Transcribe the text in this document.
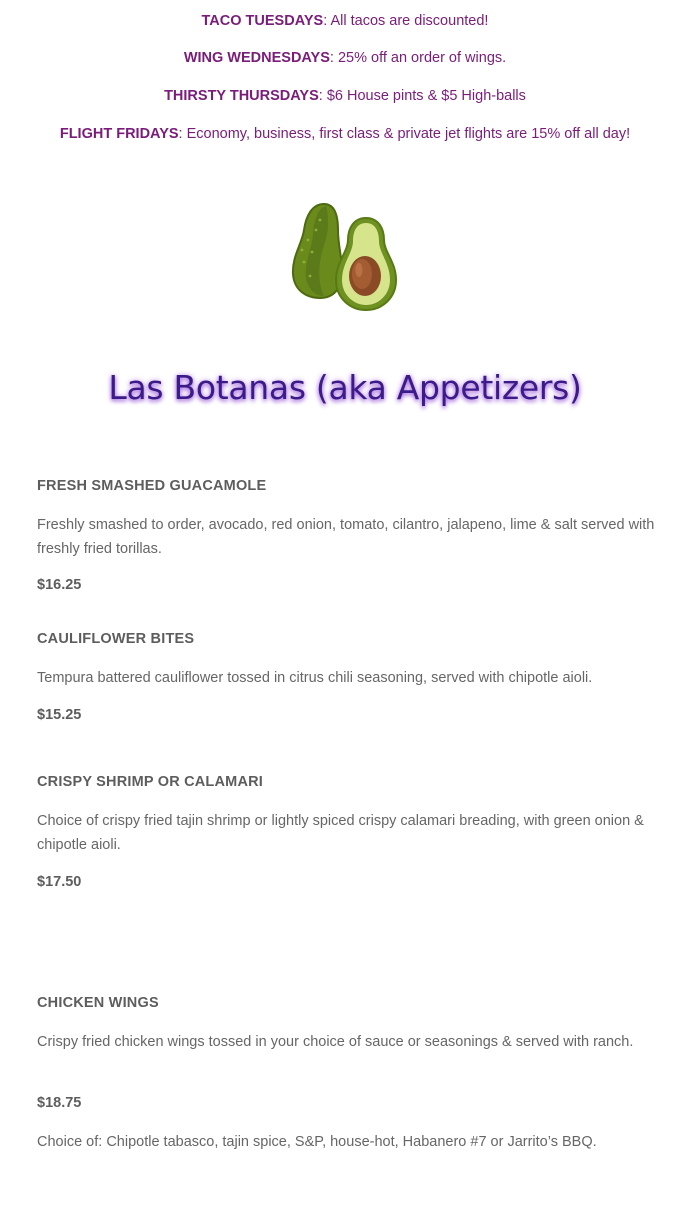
TACO TUESDAYS: All tacos are discounted!
WING WEDNESDAYS: 25% off an order of wings.
THIRSTY THURSDAYS: $6 House pints & $5 High-balls
FLIGHT FRIDAYS: Economy, business, first class & private jet flights are 15% off all day!
Las Botanas (aka Appetizers)
FRESH SMASHED GUACAMOLE
Freshly smashed to order, avocado, red onion, tomato, cilantro, jalapeno, lime & salt served with freshly fried torillas.
$16.25
CAULIFLOWER BITES
Tempura battered cauliflower tossed in citrus chili seasoning, served with chipotle aioli.
$15.25
CRISPY SHRIMP OR CALAMARI
Choice of crispy fried tajin shrimp or lightly spiced crispy calamari breading, with green onion & chipotle aioli.
$17.50
CHICKEN WINGS
Crispy fried chicken wings tossed in your choice of sauce or seasonings & served with ranch.
$18.75
Choice of: Chipotle tabasco, tajin spice, S&P, house-hot, Habanero #7 or Jarrito’s BBQ.
